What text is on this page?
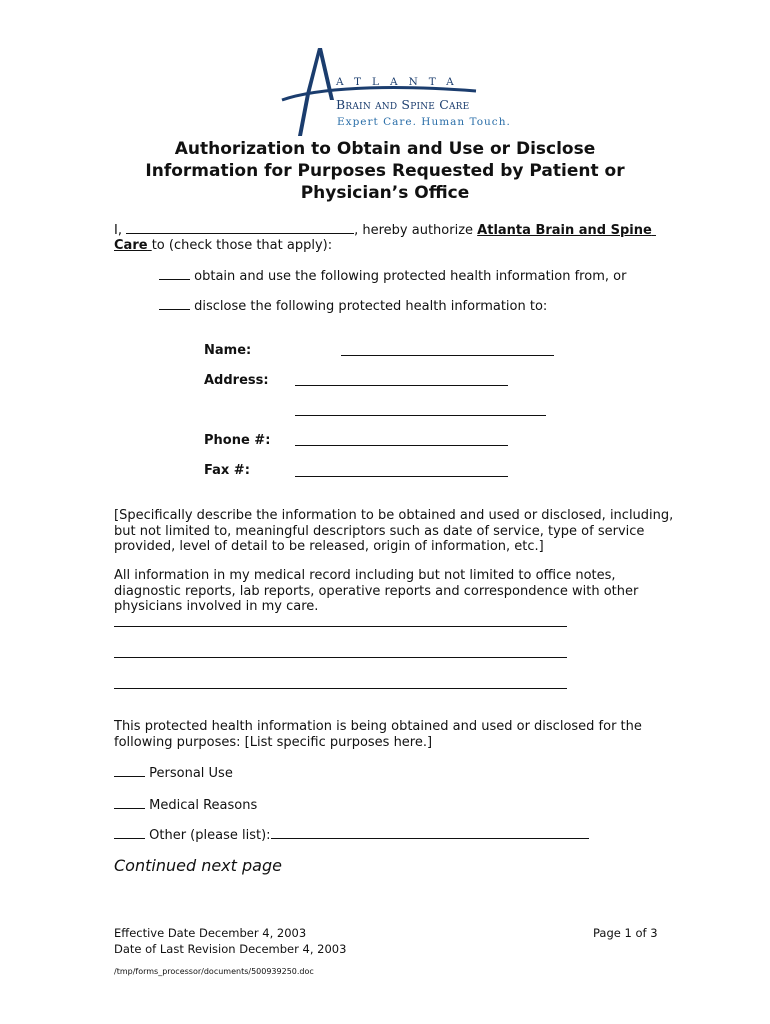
ATLANTA
Brain and Spine Care
Expert Care. Human Touch.
Authorization to Obtain and Use or Disclose
Information for Purposes Requested by Patient or
Physician’s Office
I,	, hereby authorize Atlanta Brain and Spine
Care to (check those that apply):
obtain and use the following protected health information from, or
disclose the following protected health information to:
Name:
Address:
Phone #:
Fax #:
[Specifically describe the information to be obtained and used or disclosed, including,
but not limited to, meaningful descriptors such as date of service, type of service
provided, level of detail to be released, origin of information, etc.]
All information in my medical record including but not limited to office notes,
diagnostic reports, lab reports, operative reports and correspondence with other
physicians involved in my care.
This protected health information is being obtained and used or disclosed for the
following purposes: [List specific purposes here.]
Personal Use
Medical Reasons
Other (please list):
Continued next page
Effective Date December 4, 2003
Date of Last Revision December 4, 2003
Page 1 of 3
/tmp/forms_processor/documents/500939250.doc
